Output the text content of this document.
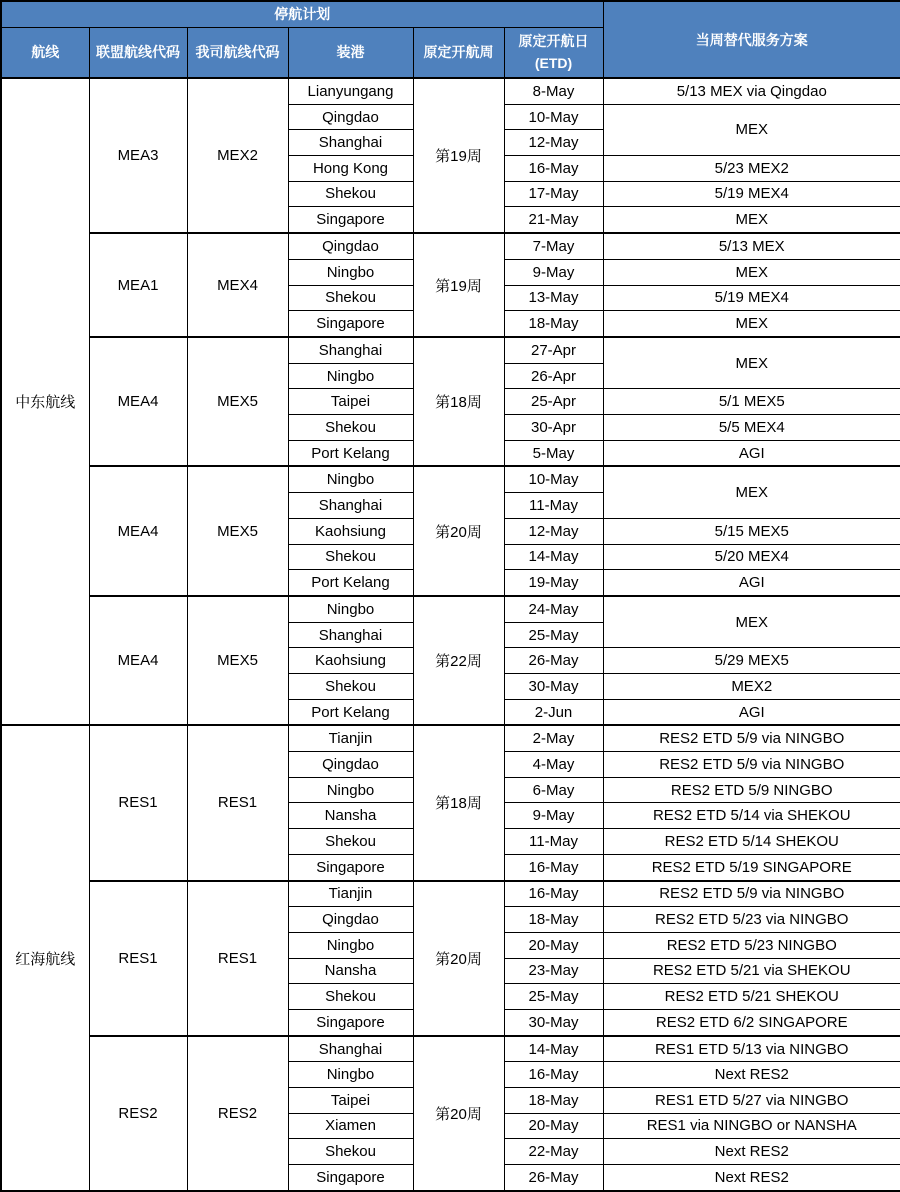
停航计划						当周替代服务方案
航线	联盟航线代码	我司航线代码	装港	原定开航周	原定开航日
(ETD)	

中东航线	MEA3	MEX2	Lianyungang	第19周	8-May	5/13 MEX via Qingdao
			Qingdao		10-May	MEX
			Shanghai		12-May	
			Hong Kong		16-May	5/23 MEX2
			Shekou		17-May	5/19 MEX4
			Singapore		21-May	MEX
	MEA1	MEX4	Qingdao	第19周	7-May	5/13 MEX
			Ningbo		9-May	MEX
			Shekou		13-May	5/19 MEX4
			Singapore		18-May	MEX
	MEA4	MEX5	Shanghai	第18周	27-Apr	MEX
			Ningbo		26-Apr	
			Taipei		25-Apr	5/1 MEX5
			Shekou		30-Apr	5/5 MEX4
			Port Kelang		5-May	AGI
	MEA4	MEX5	Ningbo	第20周	10-May	MEX
			Shanghai		11-May	
			Kaohsiung		12-May	5/15 MEX5
			Shekou		14-May	5/20 MEX4
			Port Kelang		19-May	AGI
	MEA4	MEX5	Ningbo	第22周	24-May	MEX
			Shanghai		25-May	
			Kaohsiung		26-May	5/29 MEX5
			Shekou		30-May	MEX2
			Port Kelang		2-Jun	AGI
红海航线	RES1	RES1	Tianjin	第18周	2-May	RES2 ETD 5/9 via NINGBO
			Qingdao		4-May	RES2 ETD 5/9 via NINGBO
			Ningbo		6-May	RES2 ETD 5/9 NINGBO
			Nansha		9-May	RES2 ETD 5/14 via SHEKOU
			Shekou		11-May	RES2 ETD 5/14 SHEKOU
			Singapore		16-May	RES2 ETD 5/19 SINGAPORE
	RES1	RES1	Tianjin	第20周	16-May	RES2 ETD 5/9 via NINGBO
			Qingdao		18-May	RES2 ETD 5/23 via NINGBO
			Ningbo		20-May	RES2 ETD 5/23 NINGBO
			Nansha		23-May	RES2 ETD 5/21 via SHEKOU
			Shekou		25-May	RES2 ETD 5/21 SHEKOU
			Singapore		30-May	RES2 ETD 6/2 SINGAPORE
	RES2	RES2	Shanghai	第20周	14-May	RES1 ETD 5/13 via NINGBO
			Ningbo		16-May	Next RES2
			Taipei		18-May	RES1 ETD 5/27 via NINGBO
			Xiamen		20-May	RES1 via NINGBO or NANSHA
			Shekou		22-May	Next RES2
			Singapore		26-May	Next RES2
